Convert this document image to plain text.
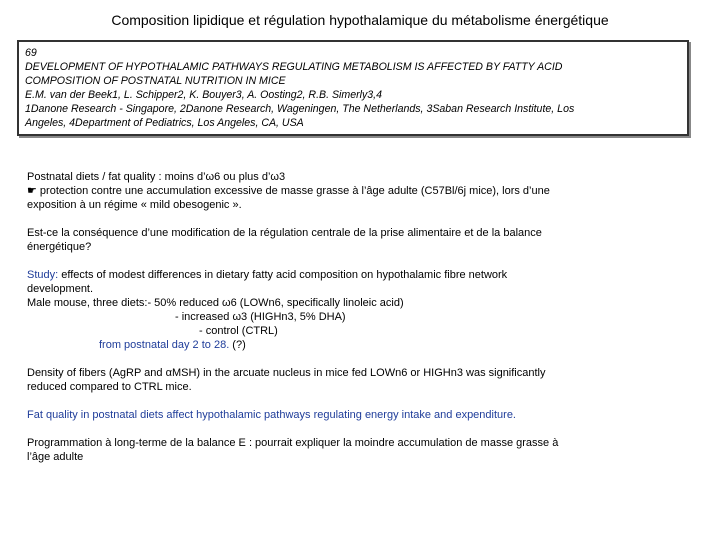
Composition lipidique et régulation hypothalamique du métabolisme énergétique
69
DEVELOPMENT OF HYPOTHALAMIC PATHWAYS REGULATING METABOLISM IS AFFECTED BY FATTY ACID
COMPOSITION OF POSTNATAL NUTRITION IN MICE
E.M. van der Beek1, L. Schipper2, K. Bouyer3, A. Oosting2, R.B. Simerly3,4
1Danone Research - Singapore, 2Danone Research, Wageningen, The Netherlands, 3Saban Research Institute, Los
Angeles, 4Department of Pediatrics, Los Angeles, CA, USA
Postnatal diets / fat quality : moins d’ω6 ou plus d’ω3
☛ protection contre une accumulation excessive de masse grasse à l’âge adulte (C57Bl/6j mice), lors d’une
exposition à un régime « mild obesogenic ».
Est-ce la conséquence d’une modification de la régulation centrale de la prise alimentaire et de la balance
énergétique?
Study: effects of modest differences in dietary fatty acid composition on hypothalamic fibre network
development.
Male mouse, three diets:- 50% reduced ω6 (LOWn6, specifically linoleic acid)
- increased ω3 (HIGHn3, 5% DHA)
- control (CTRL)
from postnatal day 2 to 28. (?)
Density of fibers (AgRP and αMSH) in the arcuate nucleus in mice fed LOWn6 or HIGHn3 was significantly
reduced compared to CTRL mice.
Fat quality in postnatal diets affect hypothalamic pathways regulating energy intake and expenditure.
Programmation à long-terme de la balance E : pourrait expliquer la moindre accumulation de masse grasse à
l’âge adulte
